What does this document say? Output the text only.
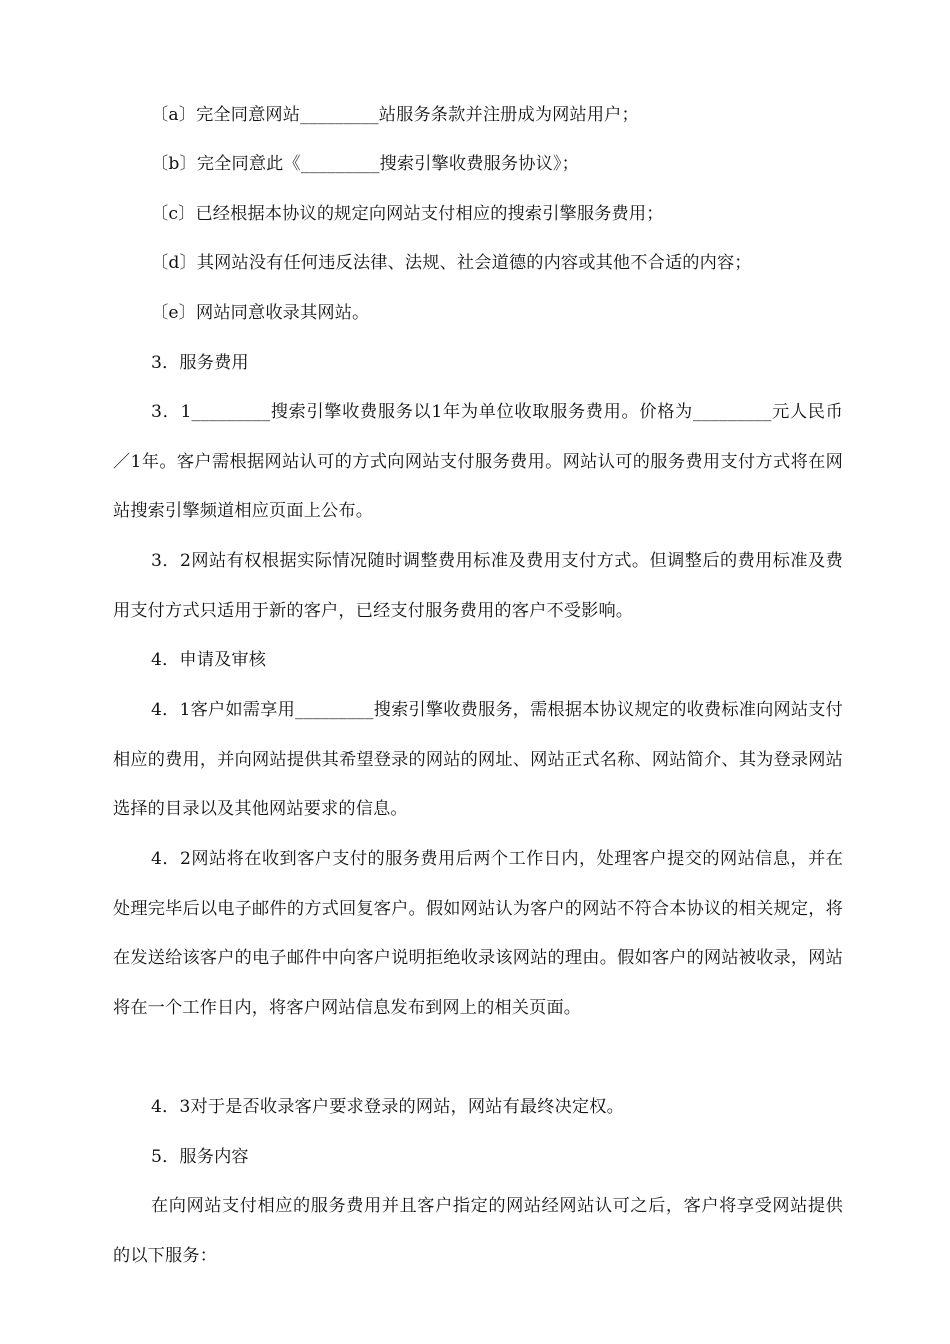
〔a〕完全同意网站_________站服务条款并注册成为网站用户；

〔b〕完全同意此《_________搜索引擎收费服务协议》；

〔c〕已经根据本协议的规定向网站支付相应的搜索引擎服务费用；

〔d〕其网站没有任何违反法律、法规、社会道德的内容或其他不合适的内容；

〔e〕网站同意收录其网站。

3．服务费用

3．1_________搜索引擎收费服务以1年为单位收取服务费用。价格为_________元人民币／1年。客户需根据网站认可的方式向网站支付服务费用。网站认可的服务费用支付方式将在网站搜索引擎频道相应页面上公布。

3．2网站有权根据实际情况随时调整费用标准及费用支付方式。但调整后的费用标准及费用支付方式只适用于新的客户，已经支付服务费用的客户不受影响。

4．申请及审核

4．1客户如需享用_________搜索引擎收费服务，需根据本协议规定的收费标准向网站支付相应的费用，并向网站提供其希望登录的网站的网址、网站正式名称、网站简介、其为登录网站选择的目录以及其他网站要求的信息。

4．2网站将在收到客户支付的服务费用后两个工作日内，处理客户提交的网站信息，并在处理完毕后以电子邮件的方式回复客户。假如网站认为客户的网站不符合本协议的相关规定，将在发送给该客户的电子邮件中向客户说明拒绝收录该网站的理由。假如客户的网站被收录，网站将在一个工作日内，将客户网站信息发布到网上的相关页面。

4．3对于是否收录客户要求登录的网站，网站有最终决定权。

5．服务内容

在向网站支付相应的服务费用并且客户指定的网站经网站认可之后，客户将享受网站提供的以下服务：
